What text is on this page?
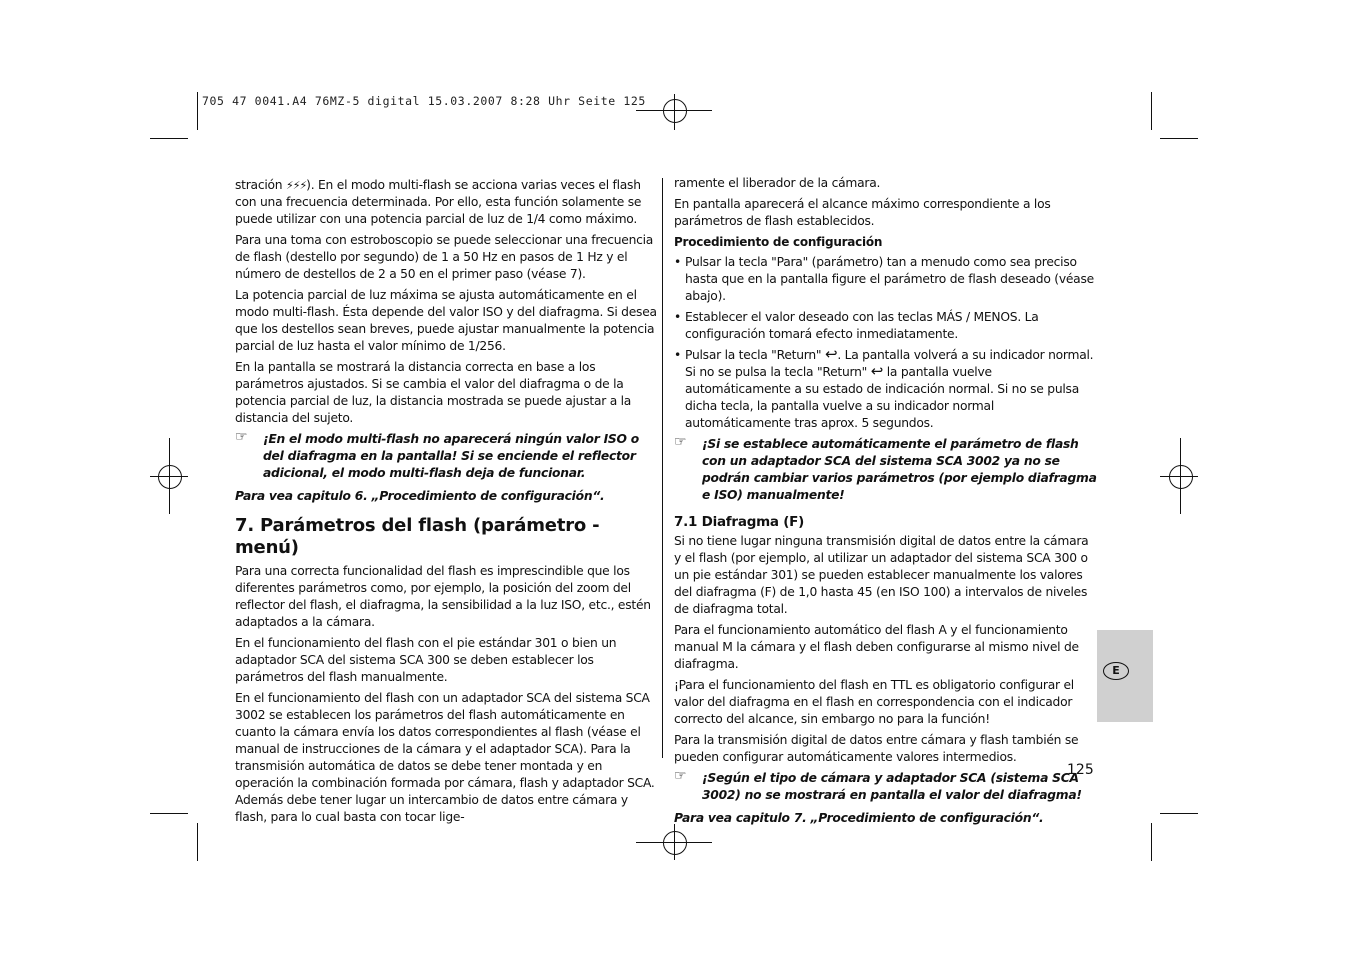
705 47 0041.A4 76MZ-5 digital 15.03.2007 8:28 Uhr Seite 125

stración ⚡⚡⚡). En el modo multi-flash se acciona varias veces el flash con una frecuencia determinada. Por ello, esta función solamente se puede utilizar con una potencia parcial de luz de 1/4 como máximo.

Para una toma con estroboscopio se puede seleccionar una frecuencia de flash (destello por segundo) de 1 a 50 Hz en pasos de 1 Hz y el número de destellos de 2 a 50 en el primer paso (véase 7).

La potencia parcial de luz máxima se ajusta automáticamente en el modo multi-flash. Ésta depende del valor ISO y del diafragma. Si desea que los destellos sean breves, puede ajustar manualmente la potencia parcial de luz hasta el valor mínimo de 1/256.

En la pantalla se mostrará la distancia correcta en base a los parámetros ajustados. Si se cambia el valor del diafragma o de la potencia parcial de luz, la distancia mostrada se puede ajustar a la distancia del sujeto.

☞ ¡En el modo multi-flash no aparecerá ningún valor ISO o del diafragma en la pantalla! Si se enciende el reflector adicional, el modo multi-flash deja de funcionar.

Para vea capitulo 6. „Procedimiento de configuración“.

7. Parámetros del flash (parámetro - menú)

Para una correcta funcionalidad del flash es imprescindible que los diferentes parámetros como, por ejemplo, la posición del zoom del reflector del flash, el diafragma, la sensibilidad a la luz ISO, etc., estén adaptados a la cámara.

En el funcionamiento del flash con el pie estándar 301 o bien un adaptador SCA del sistema SCA 300 se deben establecer los parámetros del flash manualmente.

En el funcionamiento del flash con un adaptador SCA del sistema SCA 3002 se establecen los parámetros del flash automáticamente en cuanto la cámara envía los datos correspondientes al flash (véase el manual de instrucciones de la cámara y el adaptador SCA). Para la transmisión automática de datos se debe tener montada y en operación la combinación formada por cámara, flash y adaptador SCA. Además debe tener lugar un intercambio de datos entre cámara y flash, para lo cual basta con tocar lige-

ramente el liberador de la cámara.

En pantalla aparecerá el alcance máximo correspondiente a los parámetros de flash establecidos.

Procedimiento de configuración
• Pulsar la tecla "Para" (parámetro) tan a menudo como sea preciso hasta que en la pantalla figure el parámetro de flash deseado (véase abajo).
• Establecer el valor deseado con las teclas MÁS / MENOS. La configuración tomará efecto inmediatamente.
• Pulsar la tecla "Return" ↩. La pantalla volverá a su indicador normal. Si no se pulsa la tecla "Return" ↩ la pantalla vuelve automáticamente a su estado de indicación normal. Si no se pulsa dicha tecla, la pantalla vuelve a su indicador normal automáticamente tras aprox. 5 segundos.
☞ ¡Si se establece automáticamente el parámetro de flash con un adaptador SCA del sistema SCA 3002 ya no se podrán cambiar varios parámetros (por ejemplo diafragma e ISO) manualmente!
7.1 Diafragma (F)

Si no tiene lugar ninguna transmisión digital de datos entre la cámara y el flash (por ejemplo, al utilizar un adaptador del sistema SCA 300 o un pie estándar 301) se pueden establecer manualmente los valores del diafragma (F) de 1,0 hasta 45 (en ISO 100) a intervalos de niveles de diafragma total.

Para el funcionamiento automático del flash A y el funcionamiento manual M la cámara y el flash deben configurarse al mismo nivel de diafragma.

¡Para el funcionamiento del flash en TTL es obligatorio configurar el valor del diafragma en el flash en correspondencia con el indicador correcto del alcance, sin embargo no para la función!

Para la transmisión digital de datos entre cámara y flash también se pueden configurar automáticamente valores intermedios.

☞ ¡Según el tipo de cámara y adaptador SCA (sistema SCA 3002) no se mostrará en pantalla el valor del diafragma!

Para vea capitulo 7. „Procedimiento de configuración“.

E
125
